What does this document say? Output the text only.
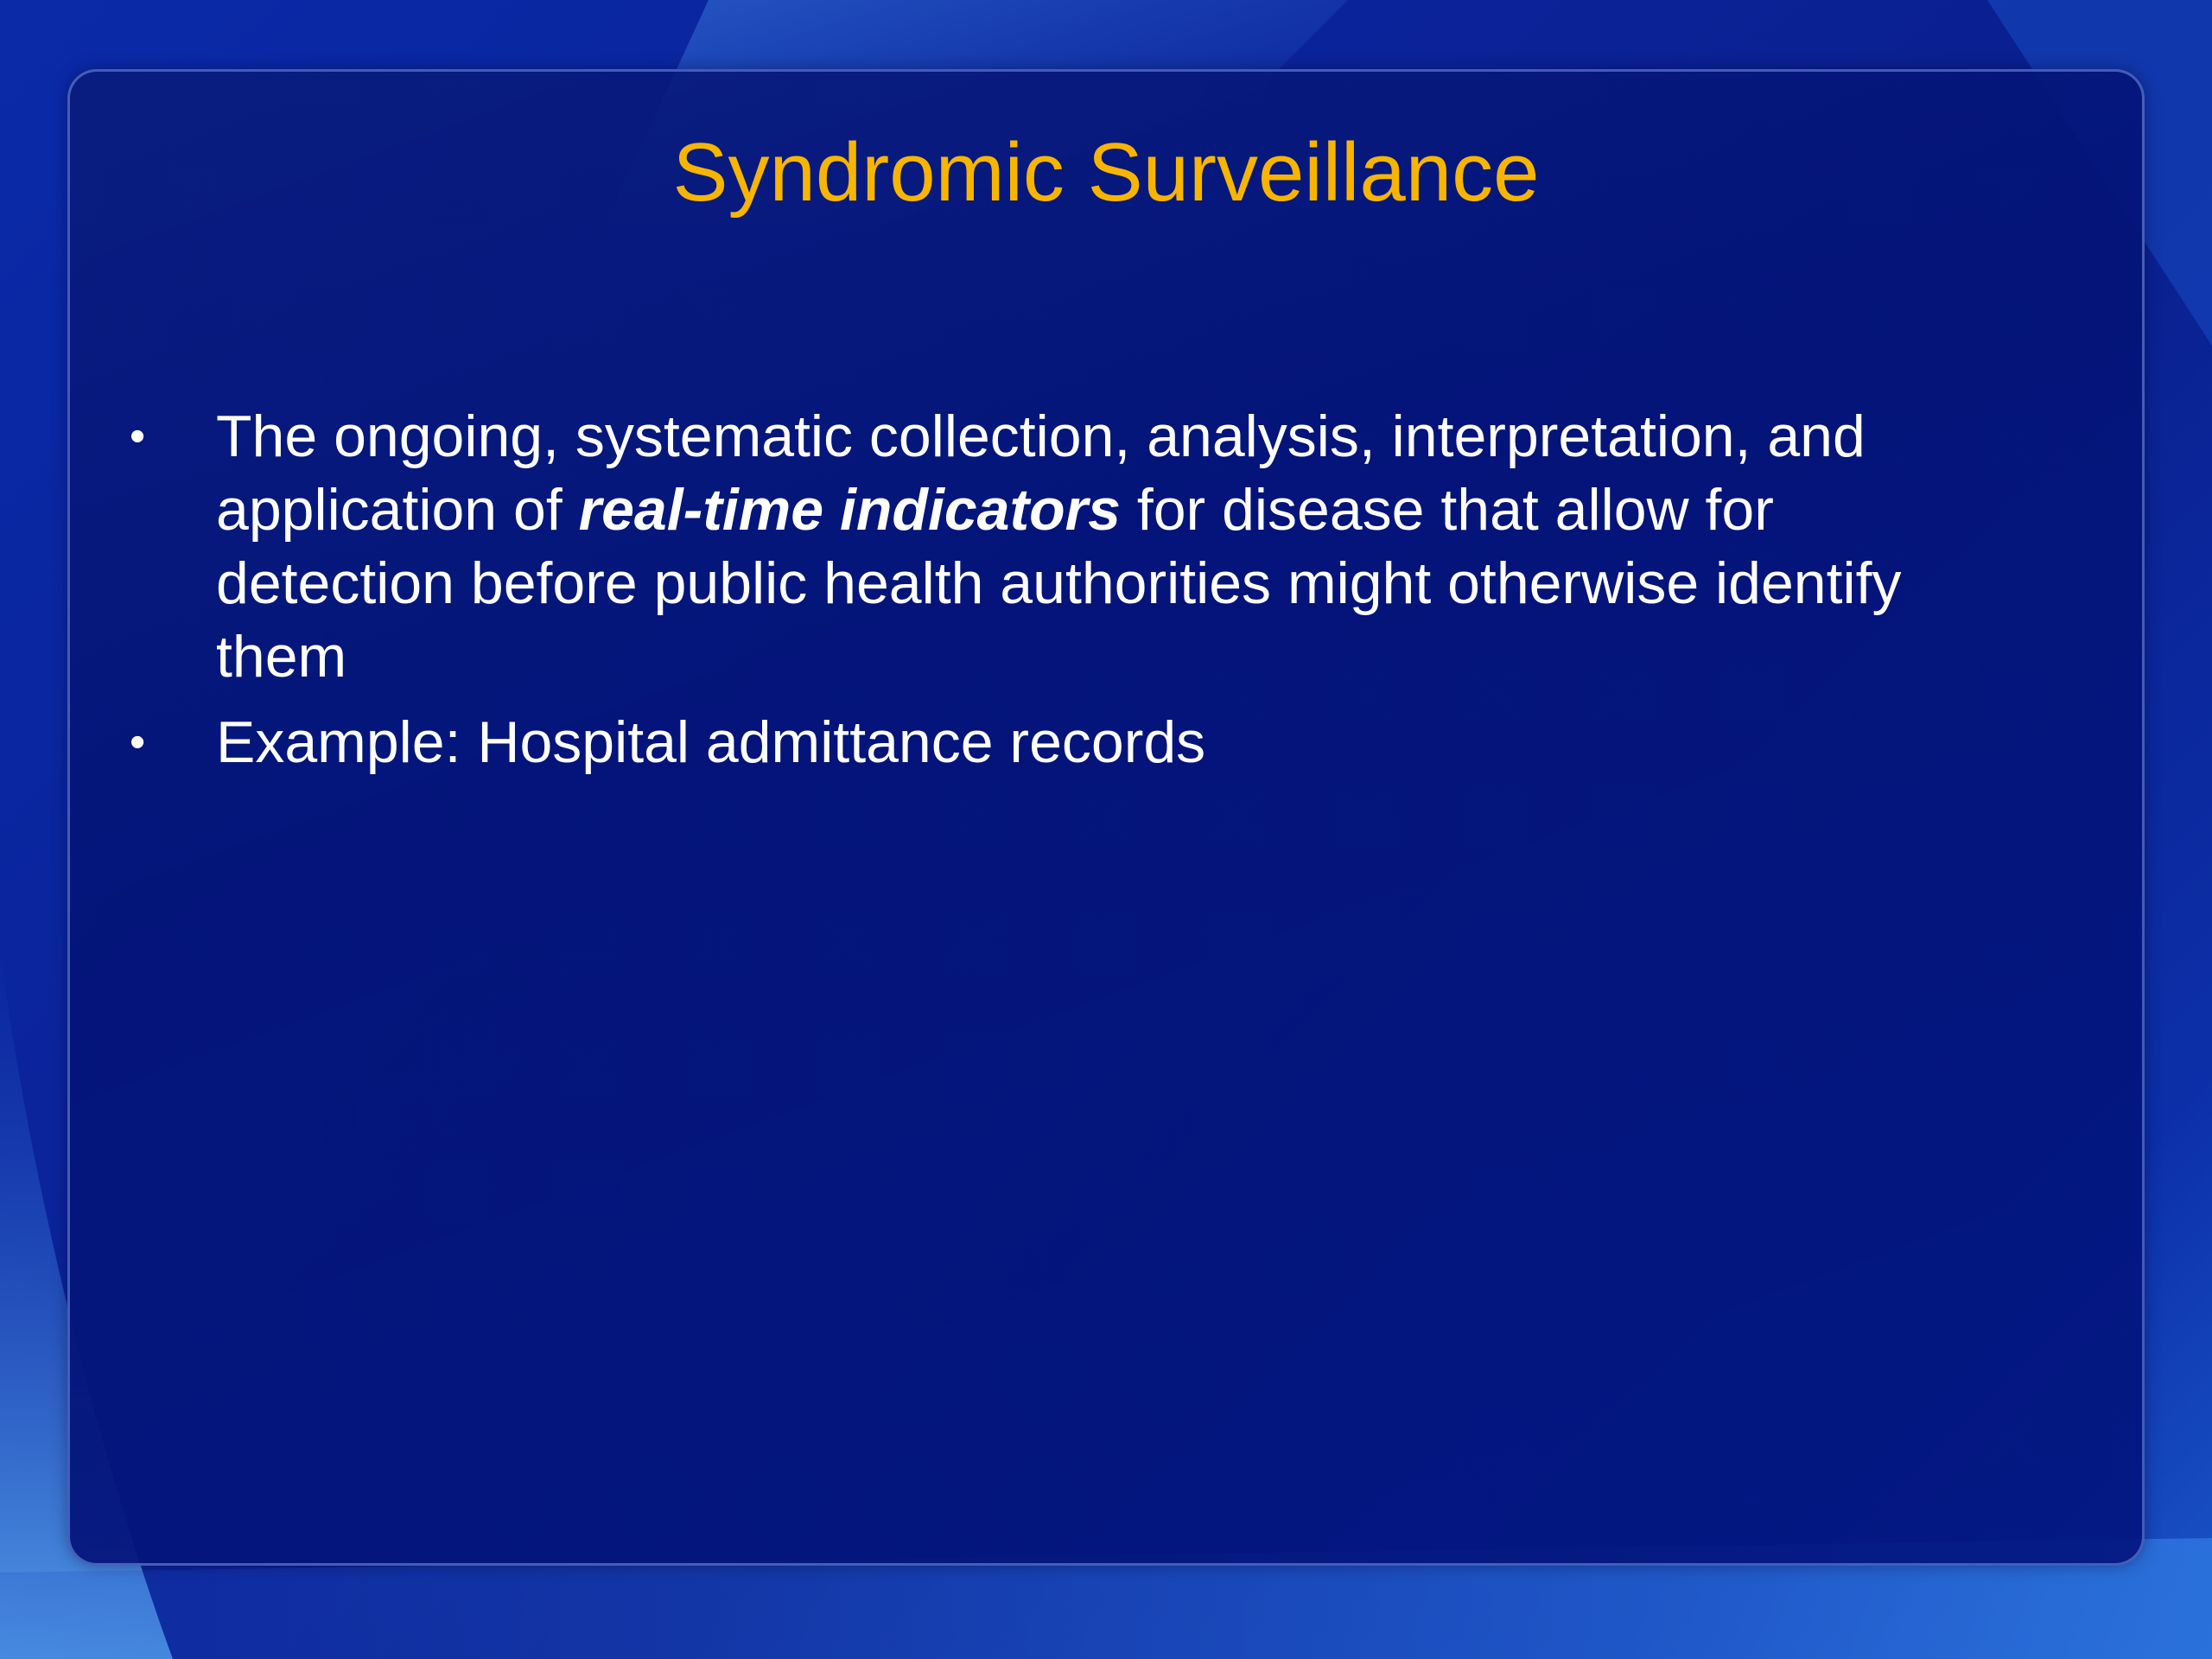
Syndromic Surveillance
•	The ongoing, systematic collection, analysis, interpretation, and application of real-time indicators for disease that allow for detection before public health authorities might otherwise identify them
•	Example: Hospital admittance records
